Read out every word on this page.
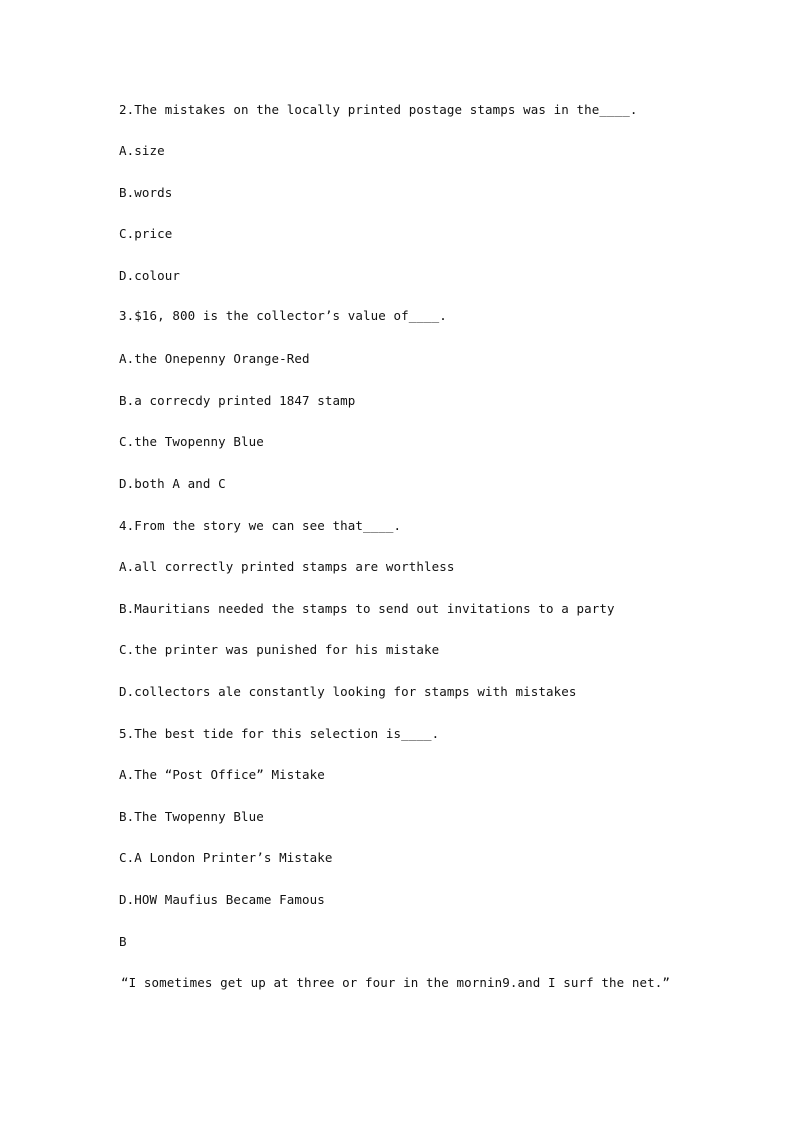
2.The mistakes on the locally printed postage stamps was in the____.
A.size
B.words
C.price
D.colour
3.$16, 800 is the collector’s value of____.
A.the Onepenny Orange-Red
B.a correcdy printed 1847 stamp
C.the Twopenny Blue
D.both A and C
4.From the story we can see that____.
A.all correctly printed stamps are worthless
B.Mauritians needed the stamps to send out invitations to a party
C.the printer was punished for his mistake
D.collectors ale constantly looking for stamps with mistakes
5.The best tide for this selection is____.
A.The “Post Office” Mistake
B.The Twopenny Blue
C.A London Printer’s Mistake
D.HOW Maufius Became Famous
B
“I sometimes get up at three or four in the mornin9.and I surf the net.”
